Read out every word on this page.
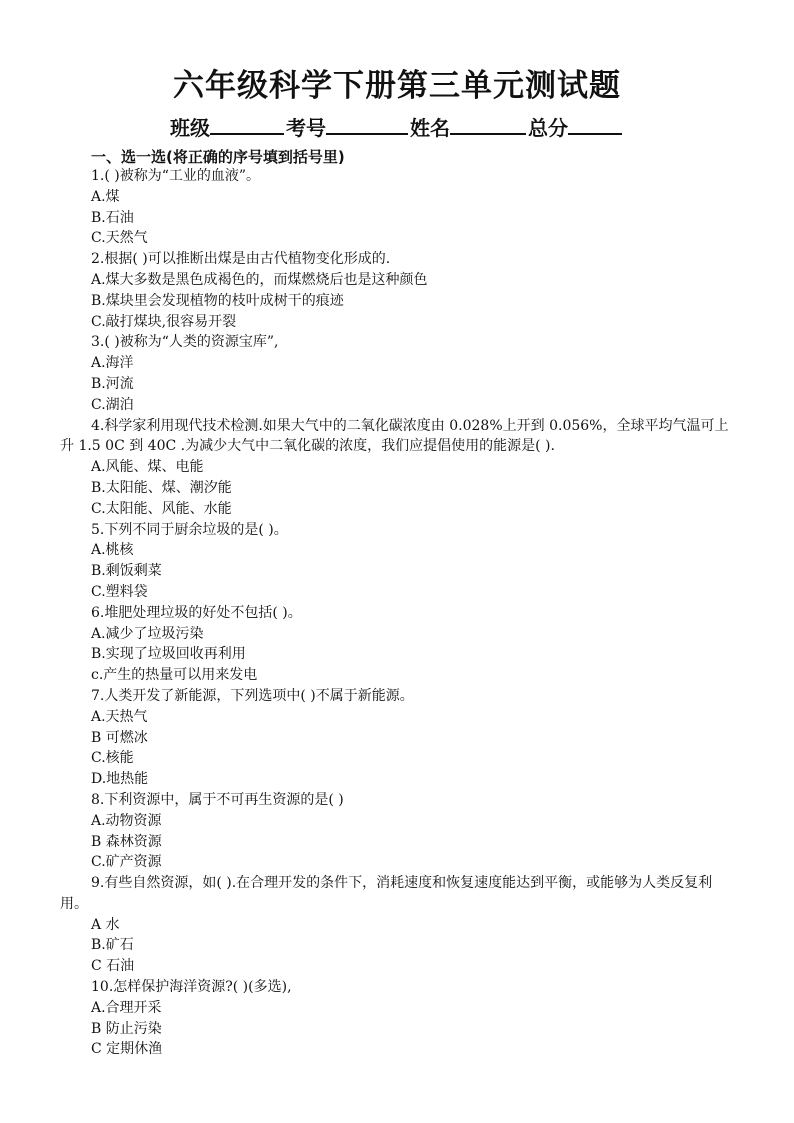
六年级科学下册第三单元测试题
班级	考号	姓名	总分
一、选一选(将正确的序号填到括号里)
1.( )被称为“工业的血液”。
A.煤
B.石油
C.天然气
2.根据( )可以推断出煤是由古代植物变化形成的.
A.煤大多数是黑色成褐色的，而煤燃烧后也是这种颜色
B.煤块里会发现植物的枝叶成树干的痕迹
C.敲打煤块,很容易开裂
3.( )被称为“人类的资源宝库”,
A.海洋
B.河流
C.湖泊
4.科学家利用现代技术检测.如果大气中的二氧化碳浓度由 0.028%上开到 0.056%，全球平均气温可上升 1.5 0C 到 40C .为减少大气中二氧化碳的浓度，我们应提倡使用的能源是( ).
A.风能、煤、电能
B.太阳能、煤、潮汐能
C.太阳能、风能、水能
5.下列不同于厨余垃圾的是( )。
A.桃核
B.剩饭剩菜
C.塑料袋
6.堆肥处理垃圾的好处不包括( )。
A.减少了垃圾污染
B.实现了垃圾回收再利用
c.产生的热量可以用来发电
7.人类开发了新能源，下列选项中( )不属于新能源。
A.天热气
B 可燃冰
C.核能
D.地热能
8.下利资源中，属于不可再生资源的是( )
A.动物资源
B 森林资源
C.矿产资源
9.有些自然资源，如( ).在合理开发的条件下，消耗速度和恢复速度能达到平衡，或能够为人类反复利用。
A 水
B.矿石
C 石油
10.怎样保护海洋资源?( )(多选),
A.合理开采
B 防止污染
C 定期休渔
